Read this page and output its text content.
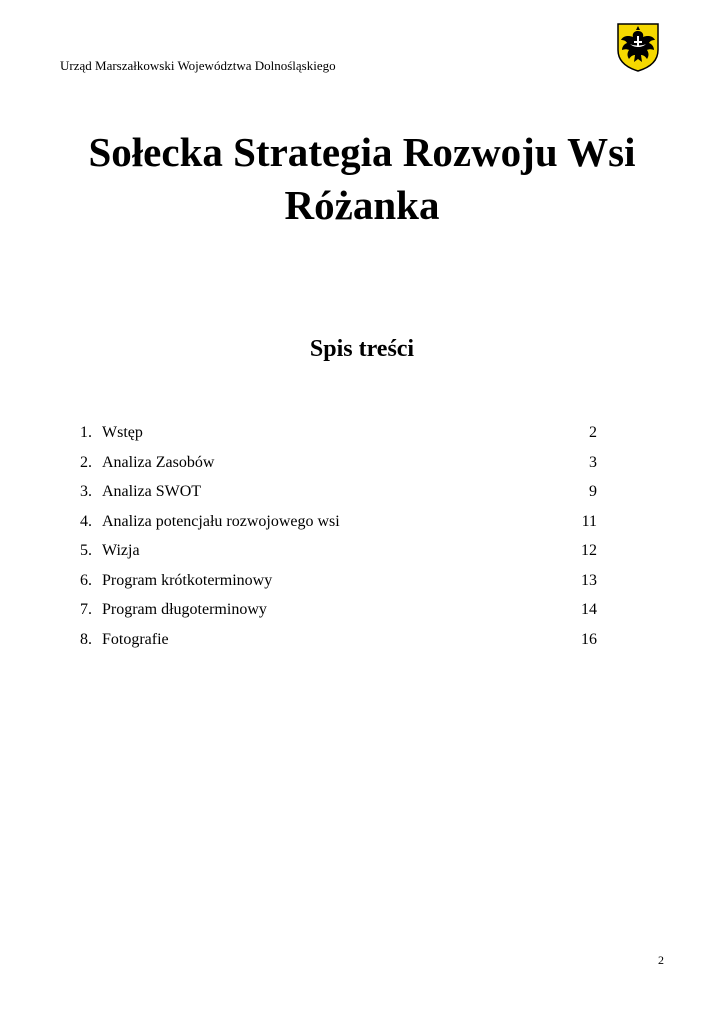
Urząd Marszałkowski Województwa Dolnośląskiego
Sołecka Strategia Rozwoju Wsi
Różanka
Spis treści
1. Wstęp	2
2. Analiza Zasobów	3
3. Analiza SWOT	9
4. Analiza potencjału rozwojowego wsi	11
5. Wizja	12
6. Program krótkoterminowy	13
7. Program długoterminowy	14
8. Fotografie	16
2
